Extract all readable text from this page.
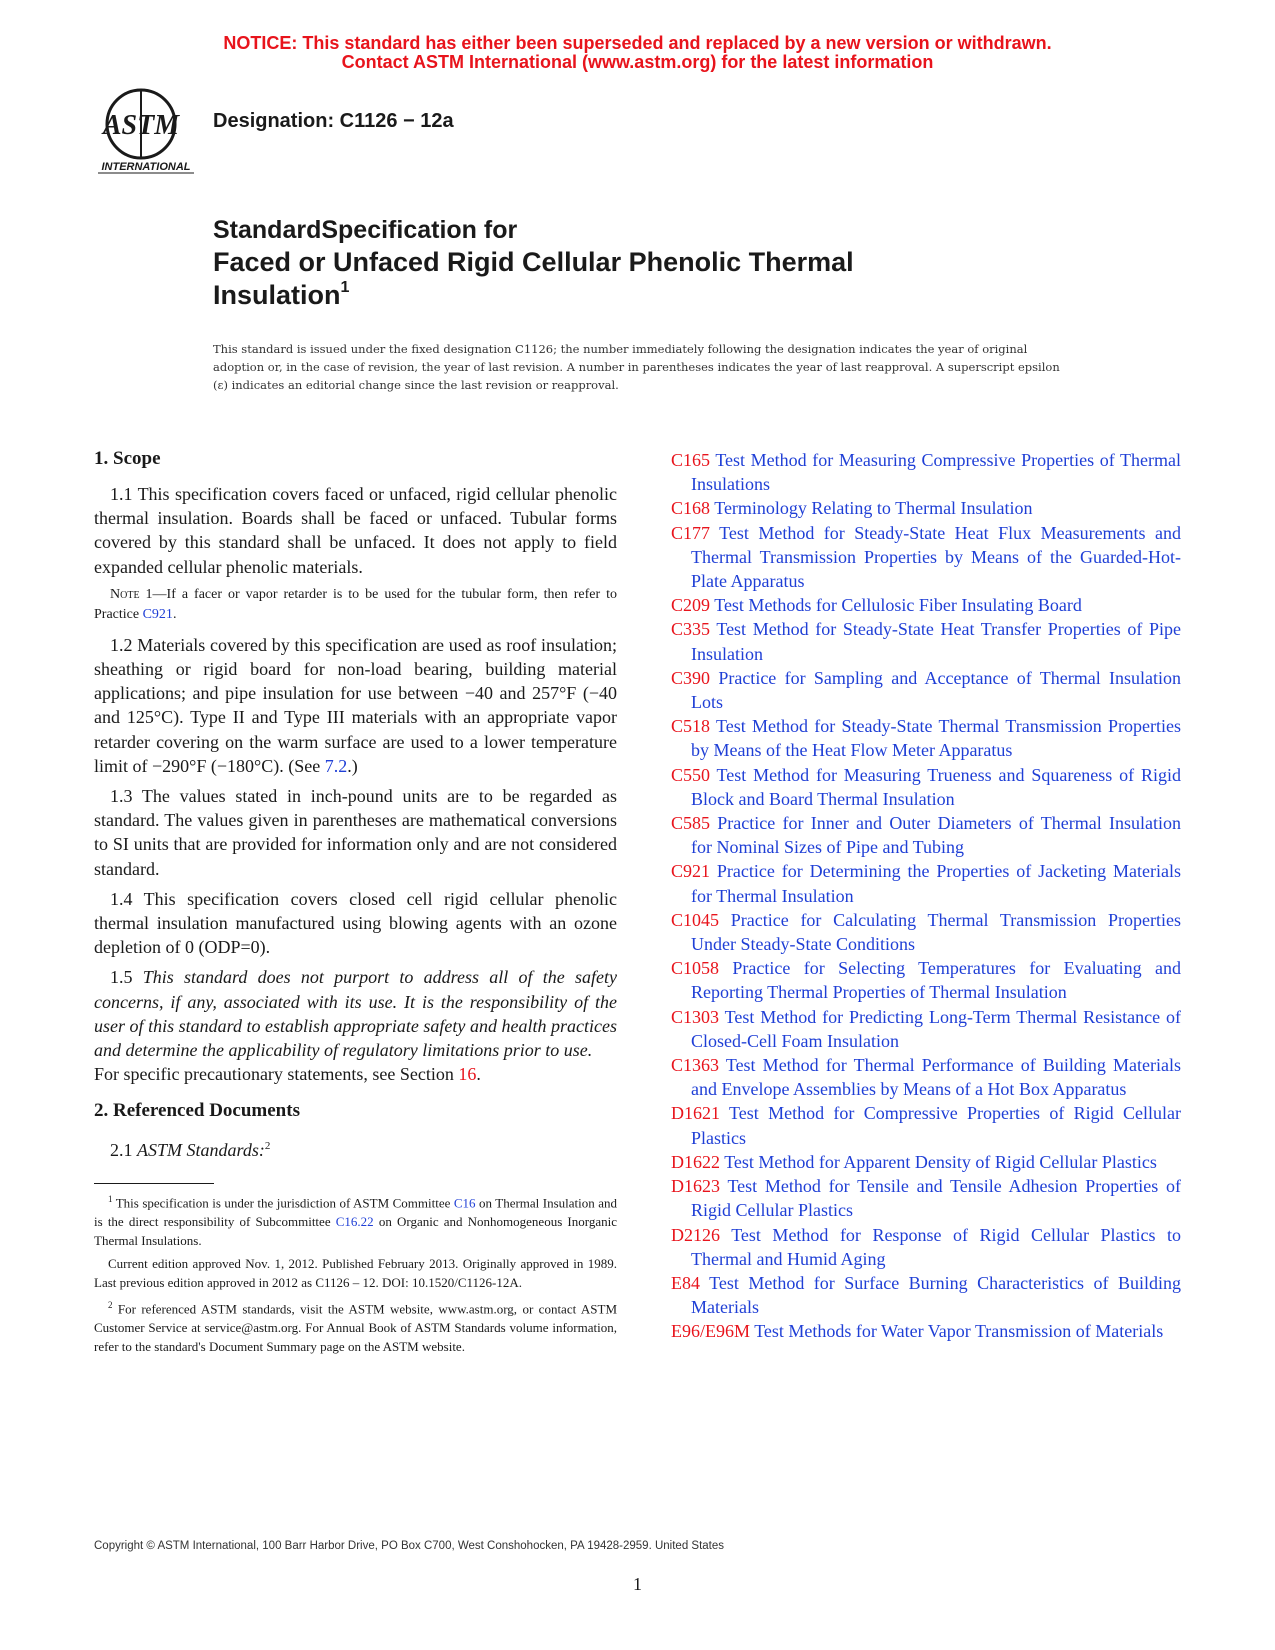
NOTICE: This standard has either been superseded and replaced by a new version or withdrawn.
Contact ASTM International (www.astm.org) for the latest information
ASTM
INTERNATIONAL
Designation: C1126 − 12a
StandardSpecification for
Faced or Unfaced Rigid Cellular Phenolic Thermal
Insulation$^1$
This standard is issued under the fixed designation C1126; the number immediately following the designation indicates the year of original adoption or, in the case of revision, the year of last revision. A number in parentheses indicates the year of last reapproval. A superscript epsilon (ε) indicates an editorial change since the last revision or reapproval.
1. Scope

1.1 This specification covers faced or unfaced, rigid cellular phenolic thermal insulation. Boards shall be faced or unfaced. Tubular forms covered by this standard shall be unfaced. It does not apply to field expanded cellular phenolic materials.

Note 1—If a facer or vapor retarder is to be used for the tubular form, then refer to Practice C921.

1.2 Materials covered by this specification are used as roof insulation; sheathing or rigid board for non-load bearing, building material applications; and pipe insulation for use between −40 and 257°F (−40 and 125°C). Type II and Type III materials with an appropriate vapor retarder covering on the warm surface are used to a lower temperature limit of −290°F (−180°C). (See 7.2.)

1.3 The values stated in inch-pound units are to be regarded as standard. The values given in parentheses are mathematical conversions to SI units that are provided for information only and are not considered standard.

1.4 This specification covers closed cell rigid cellular phenolic thermal insulation manufactured using blowing agents with an ozone depletion of 0 (ODP=0).

1.5 This standard does not purport to address all of the safety concerns, if any, associated with its use. It is the responsibility of the user of this standard to establish appropriate safety and health practices and determine the applicability of regulatory limitations prior to use.

For specific precautionary statements, see Section 16.

2. Referenced Documents

2.1 ASTM Standards:$^2$

$^1$ This specification is under the jurisdiction of ASTM Committee C16 on Thermal Insulation and is the direct responsibility of Subcommittee C16.22 on Organic and Nonhomogeneous Inorganic Thermal Insulations.

Current edition approved Nov. 1, 2012. Published February 2013. Originally approved in 1989. Last previous edition approved in 2012 as C1126 – 12. DOI: 10.1520/C1126-12A.

$^2$ For referenced ASTM standards, visit the ASTM website, www.astm.org, or contact ASTM Customer Service at service@astm.org. For Annual Book of ASTM Standards volume information, refer to the standard's Document Summary page on the ASTM website.

C165 Test Method for Measuring Compressive Properties of Thermal Insulations

C168 Terminology Relating to Thermal Insulation

C177 Test Method for Steady-State Heat Flux Measurements and Thermal Transmission Properties by Means of the Guarded-Hot-Plate Apparatus

C209 Test Methods for Cellulosic Fiber Insulating Board

C335 Test Method for Steady-State Heat Transfer Properties of Pipe Insulation

C390 Practice for Sampling and Acceptance of Thermal Insulation Lots

C518 Test Method for Steady-State Thermal Transmission Properties by Means of the Heat Flow Meter Apparatus

C550 Test Method for Measuring Trueness and Squareness of Rigid Block and Board Thermal Insulation

C585 Practice for Inner and Outer Diameters of Thermal Insulation for Nominal Sizes of Pipe and Tubing

C921 Practice for Determining the Properties of Jacketing Materials for Thermal Insulation

C1045 Practice for Calculating Thermal Transmission Properties Under Steady-State Conditions

C1058 Practice for Selecting Temperatures for Evaluating and Reporting Thermal Properties of Thermal Insulation

C1303 Test Method for Predicting Long-Term Thermal Resistance of Closed-Cell Foam Insulation

C1363 Test Method for Thermal Performance of Building Materials and Envelope Assemblies by Means of a Hot Box Apparatus

D1621 Test Method for Compressive Properties of Rigid Cellular Plastics

D1622 Test Method for Apparent Density of Rigid Cellular Plastics

D1623 Test Method for Tensile and Tensile Adhesion Properties of Rigid Cellular Plastics

D2126 Test Method for Response of Rigid Cellular Plastics to Thermal and Humid Aging

E84 Test Method for Surface Burning Characteristics of Building Materials

E96/E96M Test Methods for Water Vapor Transmission of Materials

Copyright © ASTM International, 100 Barr Harbor Drive, PO Box C700, West Conshohocken, PA 19428-2959. United States
1
